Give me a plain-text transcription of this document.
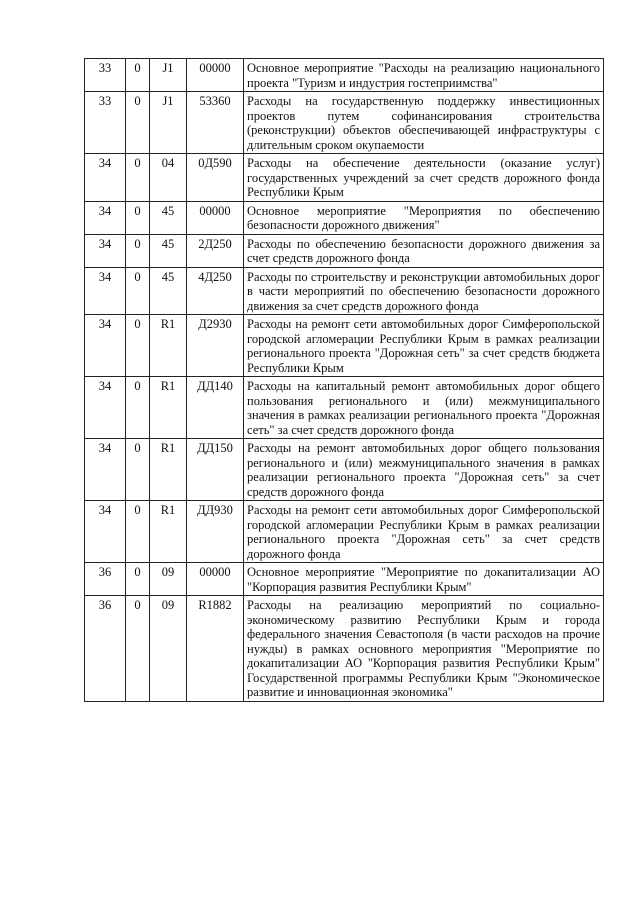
33	0	J1	00000	Основное мероприятие "Расходы на реализацию национального проекта "Туризм и индустрия гостеприимства"
33	0	J1	53360	Расходы на государственную поддержку инвестиционных проектов путем софинансирования строительства (реконструкции) объектов обеспечивающей инфраструктуры с длительным сроком окупаемости
34	0	04	0Д590	Расходы на обеспечение деятельности (оказание услуг) государственных учреждений за счет средств дорожного фонда Республики Крым
34	0	45	00000	Основное мероприятие "Мероприятия по обеспечению безопасности дорожного движения"
34	0	45	2Д250	Расходы по обеспечению безопасности дорожного движения за счет средств дорожного фонда
34	0	45	4Д250	Расходы по строительству и реконструкции автомобильных дорог в части мероприятий по обеспечению безопасности дорожного движения за счет средств дорожного фонда
34	0	R1	Д2930	Расходы на ремонт сети автомобильных дорог Симферопольской городской агломерации Республики Крым в рамках реализации регионального проекта "Дорожная сеть" за счет средств бюджета Республики Крым
34	0	R1	ДД140	Расходы на капитальный ремонт автомобильных дорог общего пользования регионального и (или) межмуниципального значения в рамках реализации регионального проекта "Дорожная сеть" за счет средств дорожного фонда
34	0	R1	ДД150	Расходы на ремонт автомобильных дорог общего пользования регионального и (или) межмуниципального значения в рамках реализации регионального проекта "Дорожная сеть" за счет средств дорожного фонда
34	0	R1	ДД930	Расходы на ремонт сети автомобильных дорог Симферопольской городской агломерации Республики Крым в рамках реализации регионального проекта "Дорожная сеть" за счет средств дорожного фонда
36	0	09	00000	Основное мероприятие "Мероприятие по докапитализации АО "Корпорация развития Республики Крым"
36	0	09	R1882	Расходы на реализацию мероприятий по социально-экономическому развитию Республики Крым и города федерального значения Севастополя (в части расходов на прочие нужды) в рамках основного мероприятия "Мероприятие по докапитализации АО "Корпорация развития Республики Крым" Государственной программы Республики Крым "Экономическое развитие и инновационная экономика"
